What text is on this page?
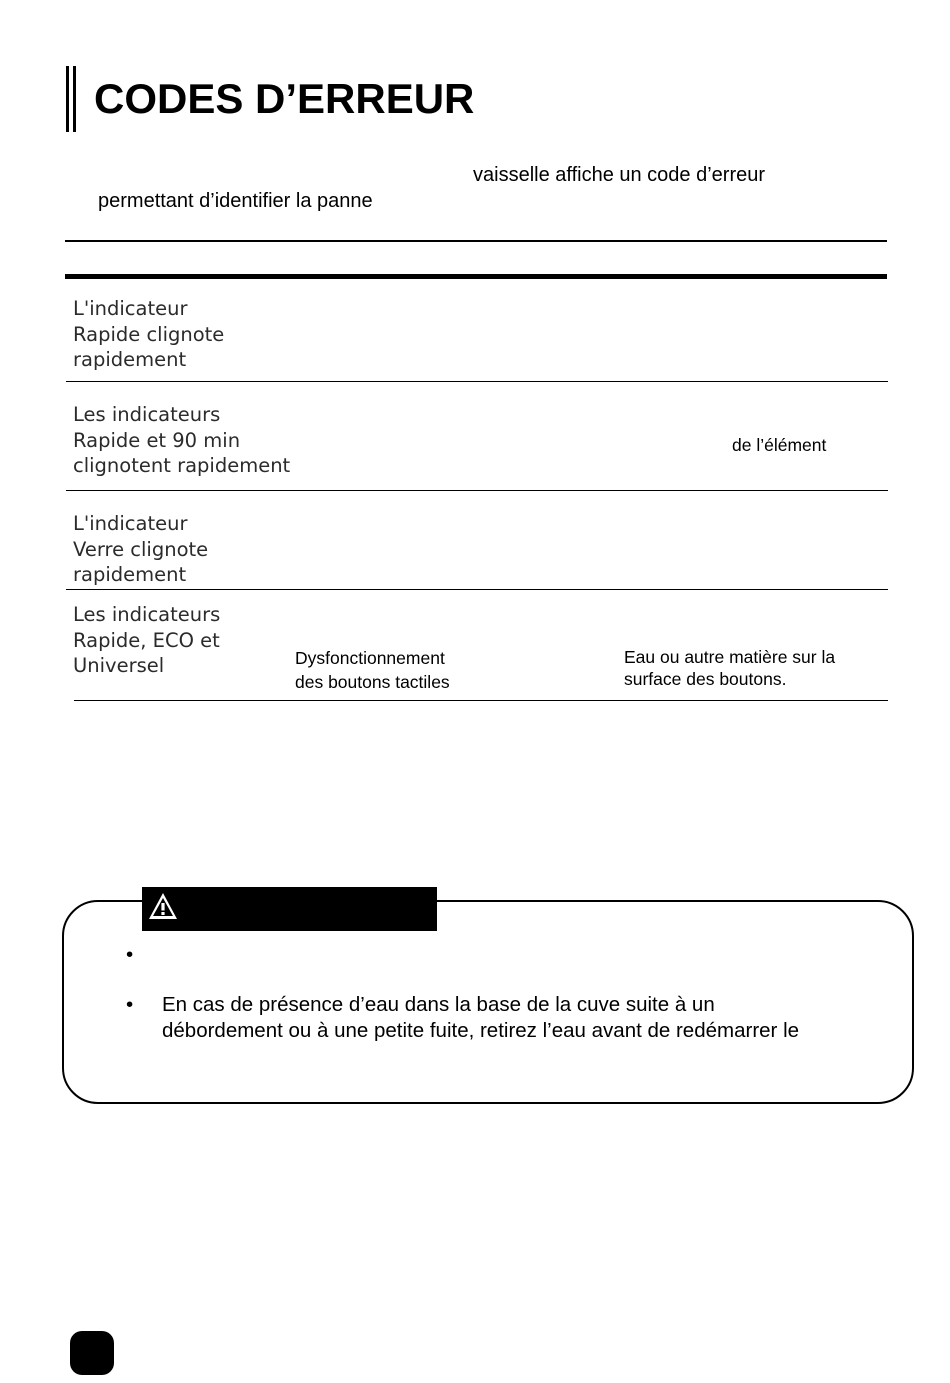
CODES D’ERREUR
vaisselle affiche un code d’erreur
permettant d’identifier la panne
L'indicateur
Rapide clignote
rapidement
Les indicateurs
Rapide et 90 min
clignotent rapidement
de l’élément
L'indicateur
Verre clignote
rapidement
Les indicateurs
Rapide, ECO et
Universel	Dysfonctionnement
des boutons tactiles
Eau ou autre matière sur la
surface des boutons.
•
•	En cas de présence d’eau dans la base de la cuve suite à un
débordement ou à une petite fuite, retirez l’eau avant de redémarrer le
